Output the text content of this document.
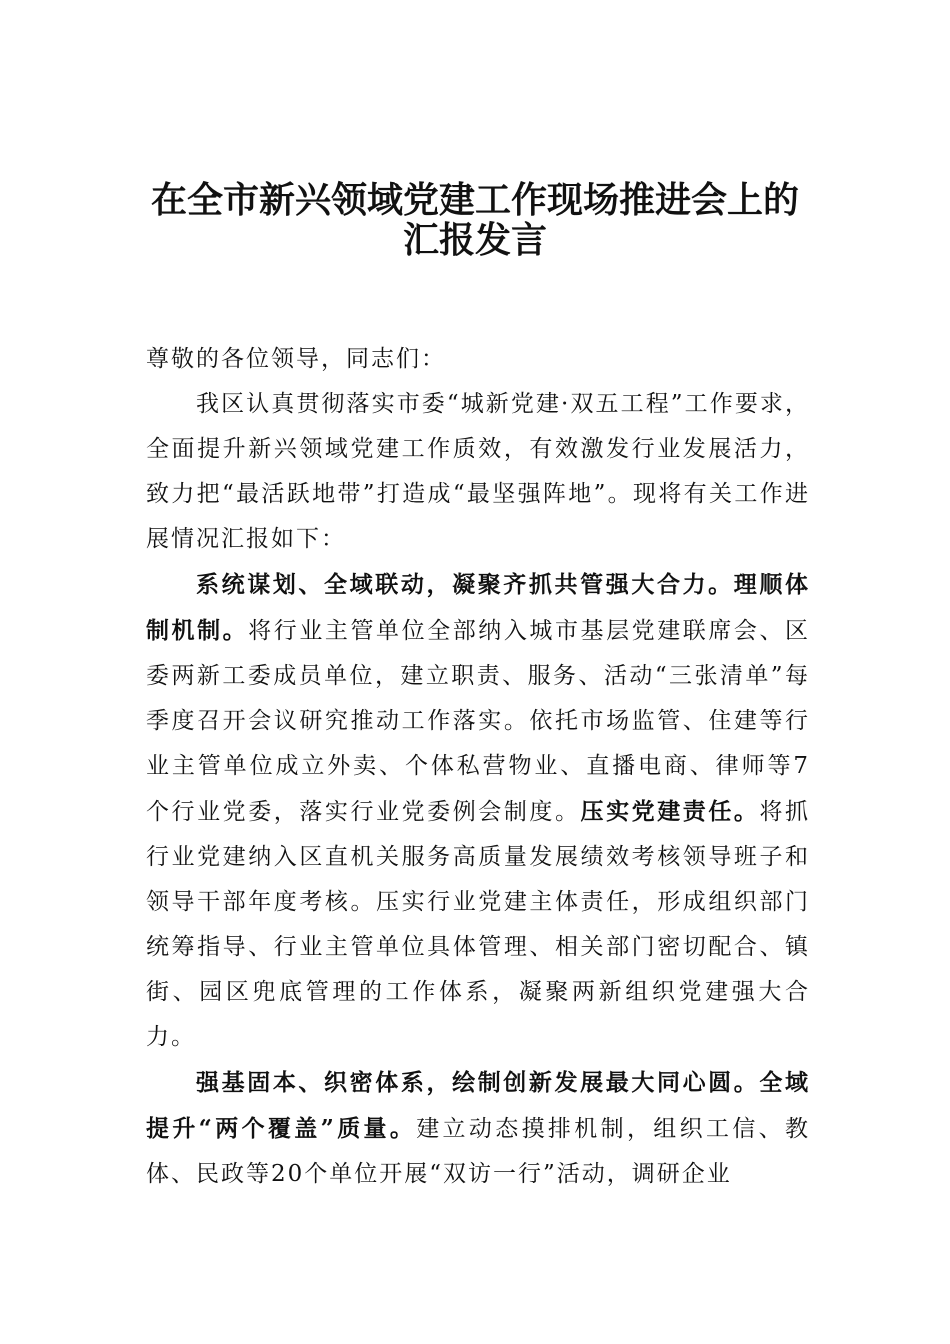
在全市新兴领域党建工作现场推进会上的
汇报发言

尊敬的各位领导，同志们：

我区认真贯彻落实市委“城新党建·双五工程”工作要求，全面提升新兴领域党建工作质效，有效激发行业发展活力，致力把“最活跃地带”打造成“最坚强阵地”。现将有关工作进展情况汇报如下：

系统谋划、全域联动，凝聚齐抓共管强大合力。理顺体制机制。将行业主管单位全部纳入城市基层党建联席会、区委两新工委成员单位，建立职责、服务、活动“三张清单”每季度召开会议研究推动工作落实。依托市场监管、住建等行业主管单位成立外卖、个体私营物业、直播电商、律师等7个行业党委，落实行业党委例会制度。压实党建责任。将抓行业党建纳入区直机关服务高质量发展绩效考核领导班子和领导干部年度考核。压实行业党建主体责任，形成组织部门统筹指导、行业主管单位具体管理、相关部门密切配合、镇街、园区兜底管理的工作体系，凝聚两新组织党建强大合力。

强基固本、织密体系，绘制创新发展最大同心圆。全域提升“两个覆盖”质量。建立动态摸排机制，组织工信、教体、民政等20个单位开展“双访一行”活动，调研企业
